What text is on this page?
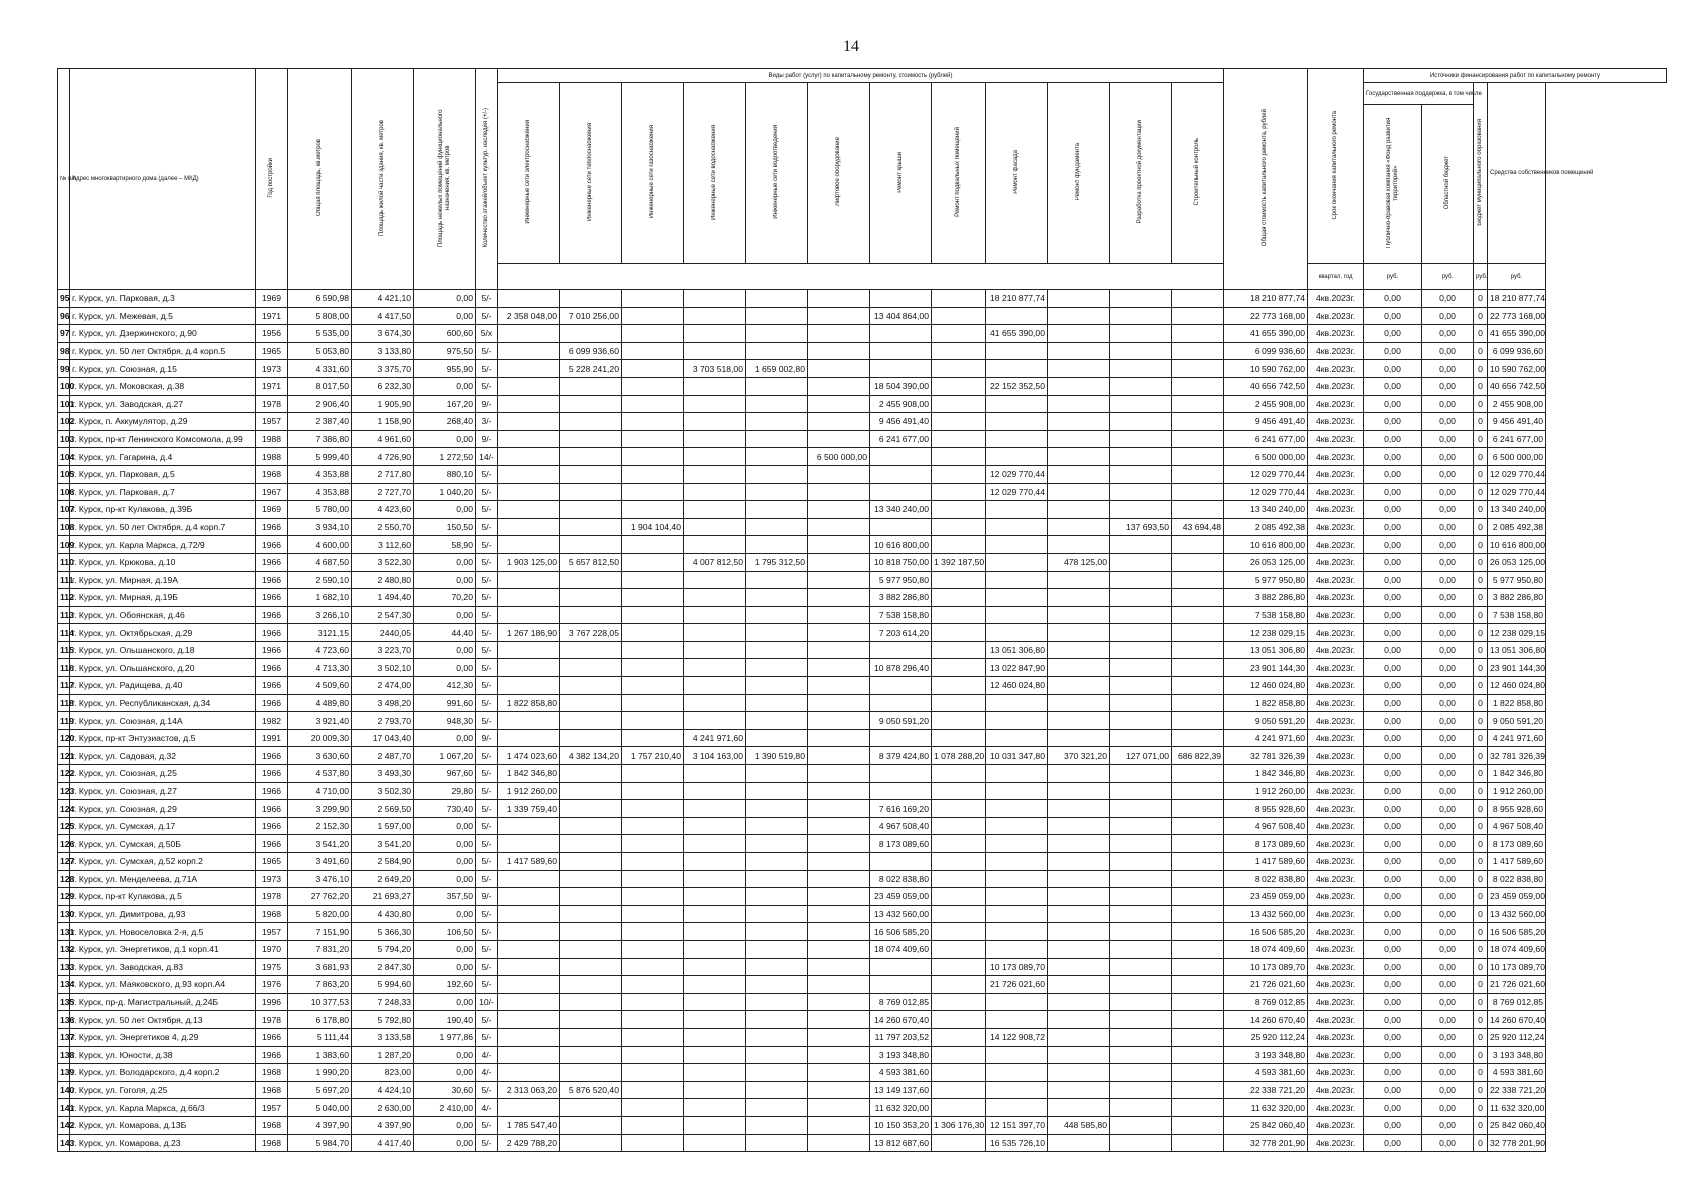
14
№ п/п	Адрес многоквартирного дома (далее – МКД)	Год постройки	Общая площадь, кв.метров	Площадь жилой части здания, кв. метров	Площадь нежилых помещений функционального назначения, кв. метров	Количество этажей/объект культур. наследия (+/-)	Виды работ (услуг) по капитальному ремонту, стоимость (рублей)												Общая стоимость капитального ремонта, рублей	Срок окончания капитального ремонта	Источники финансирования работ по капитальному ремонту			
							Инженерные сети электроснабжения	Инженерные сети теплоснабжения	Инженерные сети газоснабжения	Инженерные сети водоснабжения	Инженерные сети водоотведения	Лифтовое оборудование	Ремонт крыши	Ремонт подвальных помещений	Ремонт фасада	Ремонт фундамента	Разработка проектной документации	Строительный контроль			Государственная поддержка, в том числе		Бюджет муниципального образования	Средства собственников помещений
																					Публично-правовая компания «Фонд развития территорий»	Областной бюджет		
																				квартал, год	руб.	руб.	руб.	руб.
95	г. Курск, ул. Парковая, д.3	1969	6 590,98	4 421,10	0,00	5/-									18 210 877,74				18 210 877,74	4кв.2023г.	0,00	0,00	0	18 210 877,74
96	г. Курск, ул. Межевая, д.5	1971	5 808,00	4 417,50	0,00	5/-	2 358 048,00	7 010 256,00					13 404 864,00						22 773 168,00	4кв.2023г.	0,00	0,00	0	22 773 168,00
97	г. Курск, ул. Дзержинского, д.90	1956	5 535,00	3 674,30	600,60	5/х									41 655 390,00				41 655 390,00	4кв.2023г.	0,00	0,00	0	41 655 390,00
98	г. Курск, ул. 50 лет Октября, д.4 корп.5	1965	5 053,80	3 133,80	975,50	5/-		6 099 936,60											6 099 936,60	4кв.2023г.	0,00	0,00	0	6 099 936,60
99	г. Курск, ул. Союзная, д.15	1973	4 331,60	3 375,70	955,90	5/-		5 228 241,20		3 703 518,00	1 659 002,80								10 590 762,00	4кв.2023г.	0,00	0,00	0	10 590 762,00
100	г. Курск, ул. Моковская, д.38	1971	8 017,50	6 232,30	0,00	5/-							18 504 390,00		22 152 352,50				40 656 742,50	4кв.2023г.	0,00	0,00	0	40 656 742,50
101	г. Курск, ул. Заводская, д.27	1978	2 906,40	1 905,90	167,20	9/-							2 455 908,00						2 455 908,00	4кв.2023г.	0,00	0,00	0	2 455 908,00
102	г. Курск, п. Аккумулятор, д.29	1957	2 387,40	1 158,90	268,40	3/-							9 456 491,40						9 456 491,40	4кв.2023г.	0,00	0,00	0	9 456 491,40
103	г. Курск, пр-кт Ленинского Комсомола, д.99	1988	7 386,80	4 961,60	0,00	9/-							6 241 677,00						6 241 677,00	4кв.2023г.	0,00	0,00	0	6 241 677,00
104	г. Курск, ул. Гагарина, д.4	1988	5 999,40	4 726,90	1 272,50	14/-						6 500 000,00							6 500 000,00	4кв.2023г.	0,00	0,00	0	6 500 000,00
105	г. Курск, ул. Парковая, д.5	1968	4 353,88	2 717,80	880,10	5/-									12 029 770,44				12 029 770,44	4кв.2023г.	0,00	0,00	0	12 029 770,44
106	г. Курск, ул. Парковая, д.7	1967	4 353,88	2 727,70	1 040,20	5/-									12 029 770,44				12 029 770,44	4кв.2023г.	0,00	0,00	0	12 029 770,44
107	г. Курск, пр-кт Кулакова, д.39Б	1969	5 780,00	4 423,60	0,00	5/-							13 340 240,00						13 340 240,00	4кв.2023г.	0,00	0,00	0	13 340 240,00
108	г. Курск, ул. 50 лет Октября, д.4 корп.7	1966	3 934,10	2 550,70	150,50	5/-			1 904 104,40								137 693,50	43 694,48	2 085 492,38	4кв.2023г.	0,00	0,00	0	2 085 492,38
109	г. Курск, ул. Карла Маркса, д.72/9	1966	4 600,00	3 112,60	58,90	5/-							10 616 800,00						10 616 800,00	4кв.2023г.	0,00	0,00	0	10 616 800,00
110	г. Курск, ул. Крюкова, д.10	1966	4 687,50	3 522,30	0,00	5/-	1 903 125,00	5 657 812,50		4 007 812,50	1 795 312,50		10 818 750,00	1 392 187,50		478 125,00			26 053 125,00	4кв.2023г.	0,00	0,00	0	26 053 125,00
111	г. Курск, ул. Мирная, д.19А	1966	2 590,10	2 480,80	0,00	5/-							5 977 950,80						5 977 950,80	4кв.2023г.	0,00	0,00	0	5 977 950,80
112	г. Курск, ул. Мирная, д.19Б	1966	1 682,10	1 494,40	70,20	5/-							3 882 286,80						3 882 286,80	4кв.2023г.	0,00	0,00	0	3 882 286,80
113	г. Курск, ул. Обоянская, д.46	1966	3 266,10	2 547,30	0,00	5/-							7 538 158,80						7 538 158,80	4кв.2023г.	0,00	0,00	0	7 538 158,80
114	г. Курск, ул. Октябрьская, д.29	1966	3121,15	2440,05	44,40	5/-	1 267 186,90	3 767 228,05					7 203 614,20						12 238 029,15	4кв.2023г.	0,00	0,00	0	12 238 029,15
115	г. Курск, ул. Ольшанского, д.18	1966	4 723,60	3 223,70	0,00	5/-									13 051 306,80				13 051 306,80	4кв.2023г.	0,00	0,00	0	13 051 306,80
116	г. Курск, ул. Ольшанского, д.20	1966	4 713,30	3 502,10	0,00	5/-							10 878 296,40		13 022 847,90				23 901 144,30	4кв.2023г.	0,00	0,00	0	23 901 144,30
117	г. Курск, ул. Радищева, д.40	1966	4 509,60	2 474,00	412,30	5/-									12 460 024,80				12 460 024,80	4кв.2023г.	0,00	0,00	0	12 460 024,80
118	г. Курск, ул. Республиканская, д.34	1966	4 489,80	3 498,20	991,60	5/-	1 822 858,80												1 822 858,80	4кв.2023г.	0,00	0,00	0	1 822 858,80
119	г. Курск, ул. Союзная, д.14А	1982	3 921,40	2 793,70	948,30	5/-							9 050 591,20						9 050 591,20	4кв.2023г.	0,00	0,00	0	9 050 591,20
120	г. Курск, пр-кт Энтузиастов, д.5	1991	20 009,30	17 043,40	0,00	9/-				4 241 971,60									4 241 971,60	4кв.2023г.	0,00	0,00	0	4 241 971,60
121	г. Курск, ул. Садовая, д.32	1966	3 630,60	2 487,70	1 067,20	5/-	1 474 023,60	4 382 134,20	1 757 210,40	3 104 163,00	1 390 519,80		8 379 424,80	1 078 288,20	10 031 347,80	370 321,20	127 071,00	686 822,39	32 781 326,39	4кв.2023г.	0,00	0,00	0	32 781 326,39
122	г. Курск, ул. Союзная, д.25	1966	4 537,80	3 493,30	967,60	5/-	1 842 346,80												1 842 346,80	4кв.2023г.	0,00	0,00	0	1 842 346,80
123	г. Курск, ул. Союзная, д.27	1966	4 710,00	3 502,30	29,80	5/-	1 912 260,00												1 912 260,00	4кв.2023г.	0,00	0,00	0	1 912 260,00
124	г. Курск, ул. Союзная, д.29	1966	3 299,90	2 569,50	730,40	5/-	1 339 759,40						7 616 169,20						8 955 928,60	4кв.2023г.	0,00	0,00	0	8 955 928,60
125	г. Курск, ул. Сумская, д.17	1966	2 152,30	1 597,00	0,00	5/-							4 967 508,40						4 967 508,40	4кв.2023г.	0,00	0,00	0	4 967 508,40
126	г. Курск, ул. Сумская, д.50Б	1966	3 541,20	3 541,20	0,00	5/-							8 173 089,60						8 173 089,60	4кв.2023г.	0,00	0,00	0	8 173 089,60
127	г. Курск, ул. Сумская, д.52 корп.2	1965	3 491,60	2 584,90	0,00	5/-	1 417 589,60												1 417 589,60	4кв.2023г.	0,00	0,00	0	1 417 589,60
128	г. Курск, ул. Менделеева, д.71А	1973	3 476,10	2 649,20	0,00	5/-							8 022 838,80						8 022 838,80	4кв.2023г.	0,00	0,00	0	8 022 838,80
129	г. Курск, пр-кт Кулакова, д.5	1978	27 762,20	21 693,27	357,50	9/-							23 459 059,00						23 459 059,00	4кв.2023г.	0,00	0,00	0	23 459 059,00
130	г. Курск, ул. Димитрова, д.93	1968	5 820,00	4 430,80	0,00	5/-							13 432 560,00						13 432 560,00	4кв.2023г.	0,00	0,00	0	13 432 560,00
131	г. Курск, ул. Новоселовка 2-я, д.5	1957	7 151,90	5 366,30	106,50	5/-							16 506 585,20						16 506 585,20	4кв.2023г.	0,00	0,00	0	16 506 585,20
132	г. Курск, ул. Энергетиков, д.1 корп.41	1970	7 831,20	5 794,20	0,00	5/-							18 074 409,60						18 074 409,60	4кв.2023г.	0,00	0,00	0	18 074 409,60
133	г. Курск, ул. Заводская, д.83	1975	3 681,93	2 847,30	0,00	5/-									10 173 089,70				10 173 089,70	4кв.2023г.	0,00	0,00	0	10 173 089,70
134	г. Курск, ул. Маяковского, д.93 корп.А4	1976	7 863,20	5 994,60	192,60	5/-									21 726 021,60				21 726 021,60	4кв.2023г.	0,00	0,00	0	21 726 021,60
135	г. Курск, пр-д. Магистральный, д.24Б	1996	10 377,53	7 248,33	0,00	10/-							8 769 012,85						8 769 012,85	4кв.2023г.	0,00	0,00	0	8 769 012,85
136	г. Курск, ул. 50 лет Октября, д.13	1978	6 178,80	5 792,80	190,40	5/-							14 260 670,40						14 260 670,40	4кв.2023г.	0,00	0,00	0	14 260 670,40
137	г. Курск, ул. Энергетиков 4, д.29	1966	5 111,44	3 133,58	1 977,86	5/-							11 797 203,52		14 122 908,72				25 920 112,24	4кв.2023г.	0,00	0,00	0	25 920 112,24
138	г. Курск, ул. Юности, д.38	1966	1 383,60	1 287,20	0,00	4/-							3 193 348,80						3 193 348,80	4кв.2023г.	0,00	0,00	0	3 193 348,80
139	г. Курск, ул. Володарского, д.4 корп.2	1968	1 990,20	823,00	0,00	4/-							4 593 381,60						4 593 381,60	4кв.2023г.	0,00	0,00	0	4 593 381,60
140	г. Курск, ул. Гоголя, д.25	1968	5 697,20	4 424,10	30,60	5/-	2 313 063,20	5 876 520,40					13 149 137,60						22 338 721,20	4кв.2023г.	0,00	0,00	0	22 338 721,20
141	г. Курск, ул. Карла Маркса, д.66/3	1957	5 040,00	2 630,00	2 410,00	4/-							11 632 320,00						11 632 320,00	4кв.2023г.	0,00	0,00	0	11 632 320,00
142	г. Курск, ул. Комарова, д.13Б	1968	4 397,90	4 397,90	0,00	5/-	1 785 547,40						10 150 353,20	1 306 176,30	12 151 397,70	448 585,80			25 842 060,40	4кв.2023г.	0,00	0,00	0	25 842 060,40
143	г. Курск, ул. Комарова, д.23	1968	5 984,70	4 417,40	0,00	5/-	2 429 788,20						13 812 687,60		16 535 726,10				32 778 201,90	4кв.2023г.	0,00	0,00	0	32 778 201,90
